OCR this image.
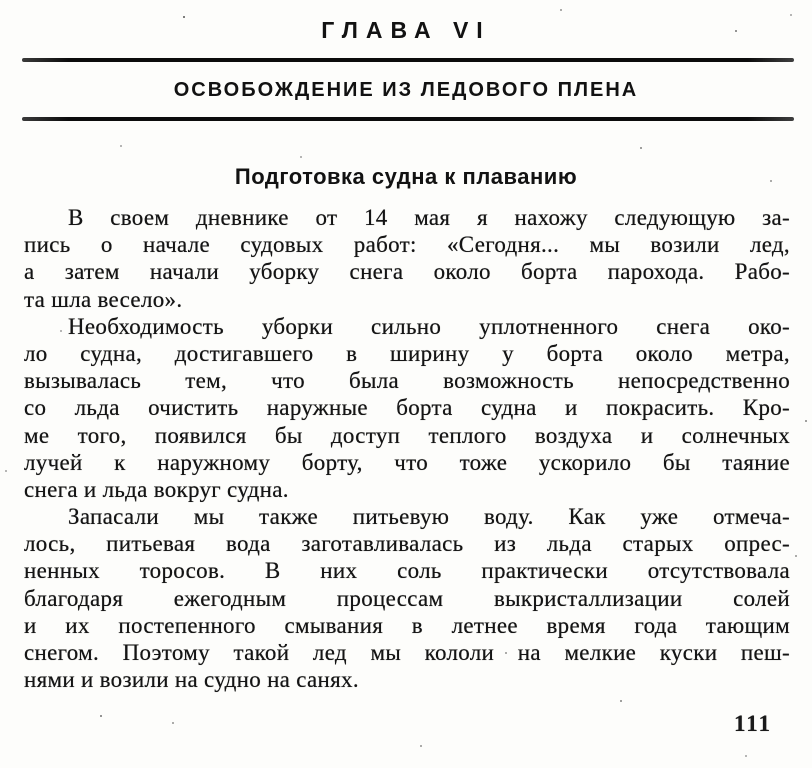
ГЛАВА VI
ОСВОБОЖДЕНИЕ ИЗ ЛЕДОВОГО ПЛЕНА
Подготовка судна к плаванию
В своем дневнике от 14 мая я нахожу следующую за-
пись о начале судовых работ: «Сегодня... мы возили лед,
а затем начали уборку снега около борта парохода. Рабо-
та шла весело».
Необходимость уборки сильно уплотненного снега око-
ло судна, достигавшего в ширину у борта около метра,
вызывалась тем, что была возможность непосредственно
со льда очистить наружные борта судна и покрасить. Кро-
ме того, появился бы доступ теплого воздуха и солнечных
лучей к наружному борту, что тоже ускорило бы таяние
снега и льда вокруг судна.
Запасали мы также питьевую воду. Как уже отмеча-
лось, питьевая вода заготавливалась из льда старых опрес-
ненных торосов. В них соль практически отсутствовала
благодаря ежегодным процессам выкристаллизации солей
и их постепенного смывания в летнее время года тающим
снегом. Поэтому такой лед мы кололи на мелкие куски пеш-
нями и возили на судно на санях.
111
